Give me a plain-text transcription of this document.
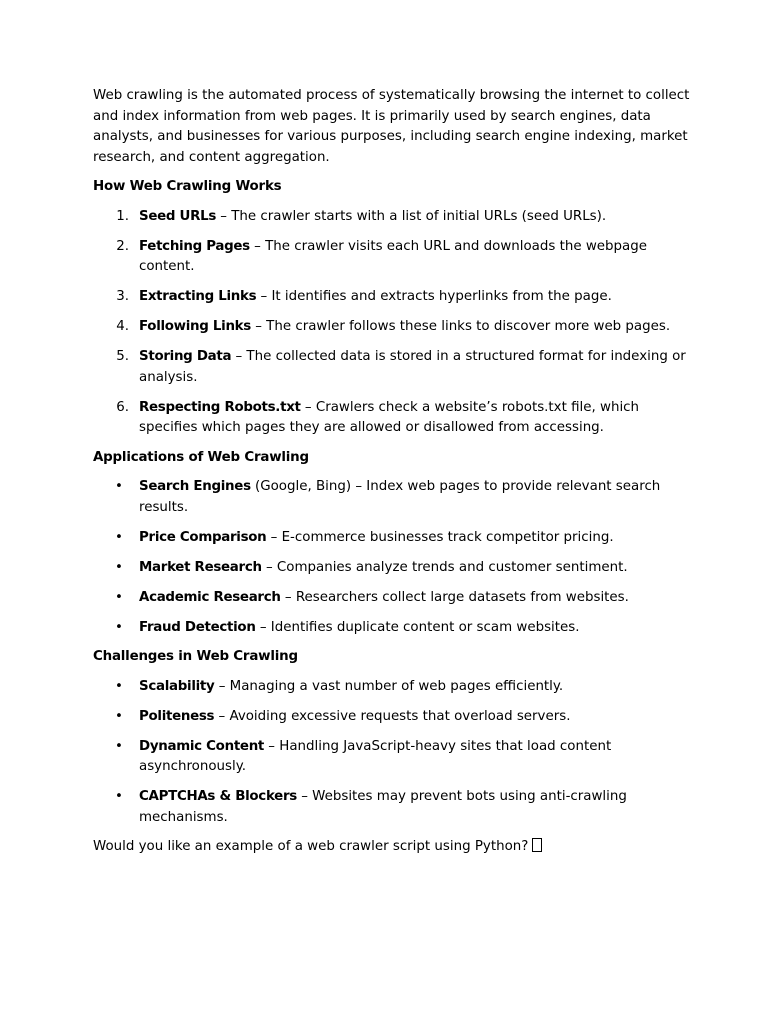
Web crawling is the automated process of systematically browsing the internet to collect and index information from web pages. It is primarily used by search engines, data analysts, and businesses for various purposes, including search engine indexing, market research, and content aggregation.

How Web Crawling Works
1. Seed URLs – The crawler starts with a list of initial URLs (seed URLs).
2. Fetching Pages – The crawler visits each URL and downloads the webpage content.
3. Extracting Links – It identifies and extracts hyperlinks from the page.
4. Following Links – The crawler follows these links to discover more web pages.
5. Storing Data – The collected data is stored in a structured format for indexing or analysis.
6. Respecting Robots.txt – Crawlers check a website’s robots.txt file, which specifies which pages they are allowed or disallowed from accessing.
Applications of Web Crawling
• Search Engines (Google, Bing) – Index web pages to provide relevant search results.
• Price Comparison – E-commerce businesses track competitor pricing.
• Market Research – Companies analyze trends and customer sentiment.
• Academic Research – Researchers collect large datasets from websites.
• Fraud Detection – Identifies duplicate content or scam websites.
Challenges in Web Crawling
• Scalability – Managing a vast number of web pages efficiently.
• Politeness – Avoiding excessive requests that overload servers.
• Dynamic Content – Handling JavaScript-heavy sites that load content asynchronously.
• CAPTCHAs & Blockers – Websites may prevent bots using anti-crawling mechanisms.

Would you like an example of a web crawler script using Python?
